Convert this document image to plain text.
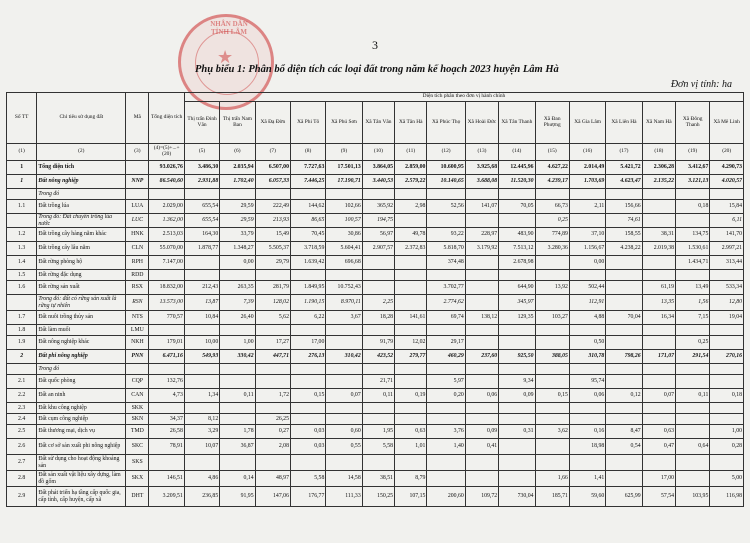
3
NHÂN DÂN TỈNH LÂM
★
Phụ biểu 1: Phân bổ diện tích các loại đất trong năm kế hoạch 2023 huyện Lâm Hà
Đơn vị tính: ha
Số TT	Chỉ tiêu sử dụng đất	Mã	Tổng diện tích	Diện tích phân theo đơn vị hành chính															
				Thị trấn Đinh Văn	Thị trấn Nam Ban	Xã Đạ Đờn	Xã Phi Tô	Xã Phú Sơn	Xã Tân Văn	Xã Tân Hà	Xã Phúc Thọ	Xã Hoài Đức	Xã Tân Thanh	Xã Đan Phượng	Xã Gia Lâm	Xã Liên Hà	Xã Nam Hà	Xã Đông Thanh	Xã Mê Linh
(1)	(2)	(3)	(4)=(5)+...+(20)	(5)	(6)	(7)	(8)	(9)	(10)	(11)	(12)	(13)	(14)	(15)	(16)	(17)	(18)	(19)	(20)
1	Tổng diện tích		93.026,76	3.486,30	2.035,94	6.507,00	7.727,63	17.501,13	3.864,05	2.859,00	10.600,95	3.925,68	12.445,96	4.627,22	2.014,49	5.421,72	2.306,28	3.412,67	4.290,73
1	Đất nông nghiệp	NNP	86.540,60	2.931,88	1.702,40	6.057,33	7.446,25	17.190,71	3.440,53	2.579,22	10.140,65	3.688,08	11.520,30	4.239,17	1.703,69	4.623,47	2.135,22	3.121,13	4.020,57
	Trong đó																		
1.1	Đất trồng lúa	LUA	2.029,00	655,54	29,59	222,49	144,62	102,66	365,92	2,98	52,56	141,07	70,05	66,73	2,11	156,66		0,18	15,84
	Trong đó: Đất chuyên trồng lúa nước	LUC	1.362,00	655,54	29,59	213,93	86,65	100,57	194,75					0,25		74,61			6,11
1.2	Đất trồng cây hàng năm khác	HNK	2.513,03	164,30	33,79	15,49	70,45	30,86	56,97	49,78	93,22	228,97	483,90	774,89	37,10	158,55	38,31	134,75	141,70
1.3	Đất trồng cây lâu năm	CLN	55.070,00	1.878,77	1.348,27	5.505,37	3.718,59	5.604,41	2.907,57	2.372,83	5.818,70	3.179,92	7.513,12	3.280,36	1.156,67	4.238,22	2.019,38	1.530,61	2.997,21
1.4	Đất rừng phòng hộ	RPH	7.147,00		0,00	29,79	1.639,42	696,68			374,48		2.678,98		0,00			1.434,71	313,44
1.5	Đất rừng đặc dụng	RDD																	
1.6	Đất rừng sản xuất	RSX	18.832,00	212,43	263,35	281,79	1.849,95	10.752,43			3.702,77		644,90	13,92	502,44		61,19	13,49	533,34
	Trong đó: đất có rừng sản xuất là rừng tự nhiên	RSN	13.573,00	13,87	7,39	128,02	1.190,15	8.970,11	2,25		2.774,62		345,97		112,91		13,35	1,56	12,80
1.7	Đất nuôi trồng thủy sản	NTS	770,57	10,84	26,40	5,62	6,22	3,67	18,28	141,61	69,74	138,12	129,35	103,27	4,88	70,04	16,34	7,15	19,04
1.8	Đất làm muối	LMU																	
1.9	Đất nông nghiệp khác	NKH	179,01	10,00	1,00	17,27	17,00		91,79	12,02	29,17				0,50			0,25	
2	Đất phi nông nghiệp	PNN	6.471,16	549,93	330,42	447,71	276,13	310,42	423,52	279,77	460,29	237,60	925,50	388,05	310,78	798,26	171,07	291,54	270,16
	Trong đó																		
2.1	Đất quốc phòng	CQP	132,76						21,71		5,97		9,34		95,74				
2.2	Đất an ninh	CAN	4,73	1,34	0,11	1,72	0,15	0,07	0,11	0,19	0,20	0,06	0,09	0,15	0,06	0,12	0,07	0,11	0,18
2.3	Đất khu công nghiệp	SKK																	
2.4	Đất cụm công nghiệp	SKN	34,37	8,12		26,25													
2.5	Đất thương mại, dịch vụ	TMD	26,58	3,29	1,78	0,27	0,03	0,60	1,95	0,63	3,76	0,09	0,31	3,62	0,16	8,47	0,63		1,00
2.6	Đất cơ sở sản xuất phi nông nghiệp	SKC	78,91	10,07	36,87	2,08	0,03	0,55	5,58	1,01	1,40	0,41			18,98	0,54	0,47	0,64	0,28
2.7	Đất sử dụng cho hoạt động khoáng sản	SKS																	
2.8	Đất sản xuất vật liệu xây dựng, làm đồ gốm	SKX	146,51	4,86	0,14	48,97	5,58	14,58	38,51	8,79				1,66	1,41		17,00		5,00
2.9	Đất phát triển hạ tầng cấp quốc gia, cấp tỉnh, cấp huyện, cấp xã	DHT	3.209,51	236,85	91,95	147,06	176,77	111,33	150,25	107,15	200,60	109,72	730,04	185,71	59,60	625,99	57,54	103,95	116,98
